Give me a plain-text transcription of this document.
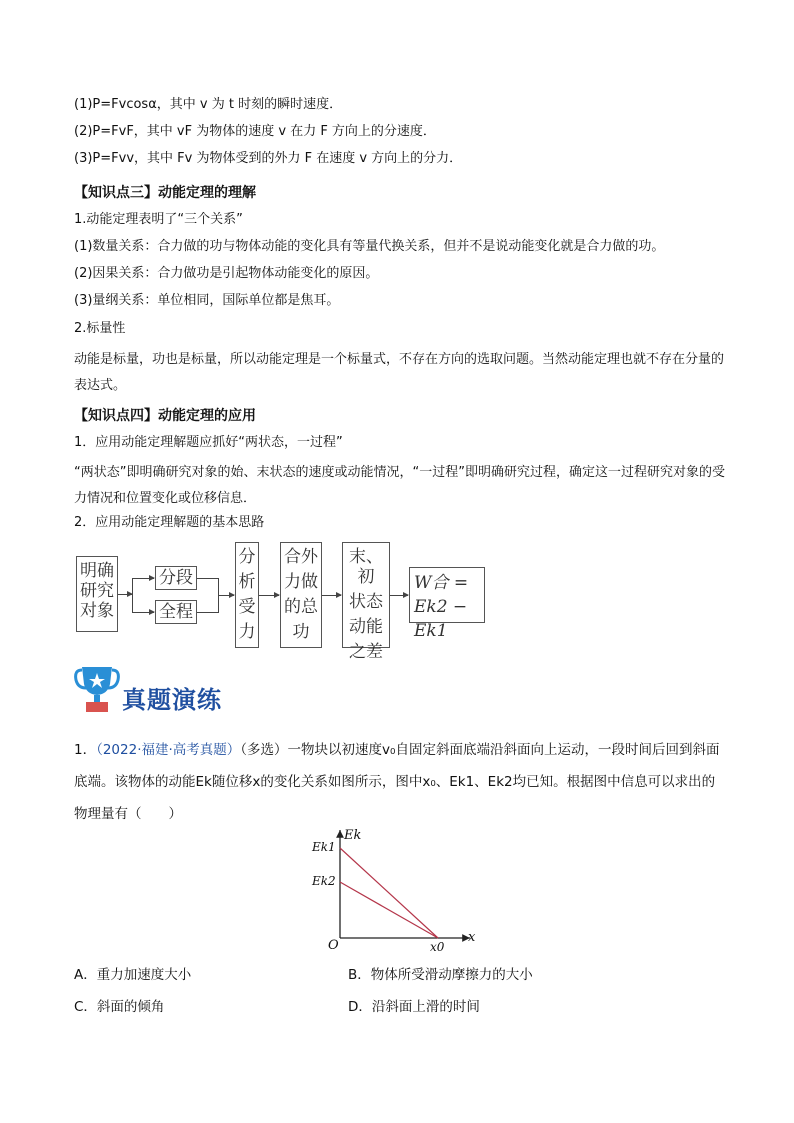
(1)P=Fvcosα，其中 v 为 t 时刻的瞬时速度．
(2)P=FvF，其中 vF 为物体的速度 v 在力 F 方向上的分速度．
(3)P=Fvv，其中 Fv 为物体受到的外力 F 在速度 v 方向上的分力．
【知识点三】动能定理的理解
1.动能定理表明了“三个关系”
(1)数量关系：合力做的功与物体动能的变化具有等量代换关系，但并不是说动能变化就是合力做的功。
(2)因果关系：合力做功是引起物体动能变化的原因。
(3)量纲关系：单位相同，国际单位都是焦耳。
2.标量性
动能是标量，功也是标量，所以动能定理是一个标量式，不存在方向的选取问题。当然动能定理也就不存在分量的表达式。
【知识点四】动能定理的应用
1．应用动能定理解题应抓好“两状态，一过程”
“两状态”即明确研究对象的始、末状态的速度或动能情况，“一过程”即明确研究过程，确定这一过程研究对象的受力情况和位置变化或位移信息．
2．应用动能定理解题的基本思路
明确
研究
对象
分段
全程
分
析
受
力
合外
力做
的总
功
末、初
状态
动能
之差
W合 =
Ek2 − Ek1
真题演练
1．（2022·福建·高考真题）（多选）一物块以初速度v₀自固定斜面底端沿斜面向上运动，一段时间后回到斜面底端。该物体的动能Ek随位移x的变化关系如图所示，图中x₀、Ek1、Ek2均已知。根据图中信息可以求出的物理量有（　　）
Ek
Ek1
Ek2
O	x0
x
A．重力加速度大小	B．物体所受滑动摩擦力的大小
C．斜面的倾角	D．沿斜面上滑的时间
